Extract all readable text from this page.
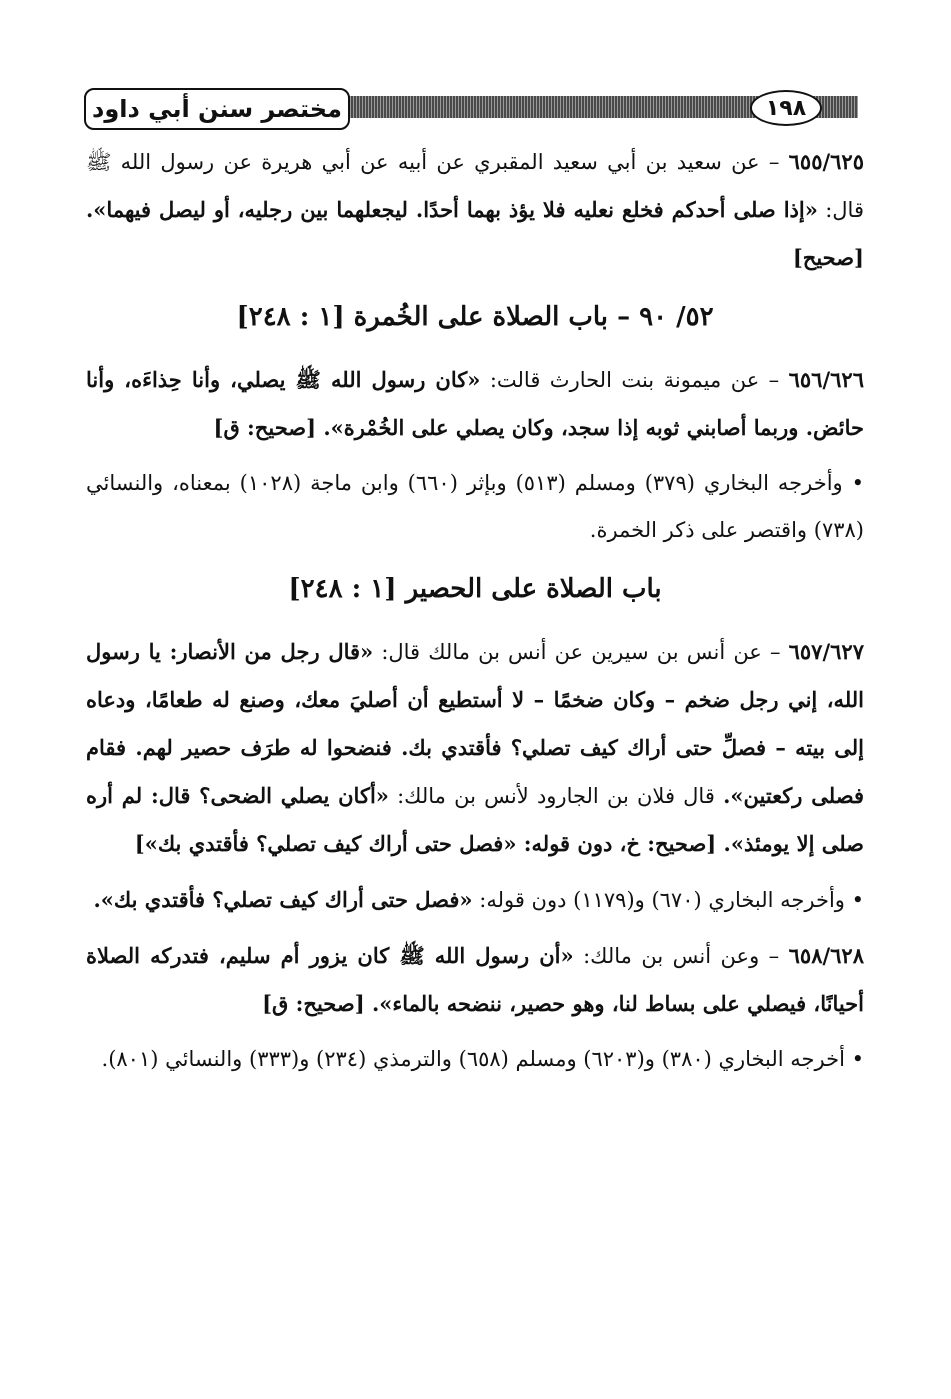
مختصر سنن أبي داود	١٩٨

٦٥٥/٦٢٥ – عن سعيد بن أبي سعيد المقبري عن أبيه عن أبي هريرة عن رسول الله ﷺ قال: «إذا صلى أحدكم فخلع نعليه فلا يؤذ بهما أحدًا. ليجعلهما بين رجليه، أو ليصل فيهما». [صحيح]

٥٢/ ٩٠ – باب الصلاة على الخُمرة [١ : ٢٤٨]

٦٥٦/٦٢٦ – عن ميمونة بنت الحارث قالت: «كان رسول الله ﷺ يصلي، وأنا حِذاءَه، وأنا حائض. وربما أصابني ثوبه إذا سجد، وكان يصلي على الخُمْرة». [صحيح: ق]

• وأخرجه البخاري (٣٧٩) ومسلم (٥١٣) وبإثر (٦٦٠) وابن ماجة (١٠٢٨) بمعناه، والنسائي (٧٣٨) واقتصر على ذكر الخمرة.

باب الصلاة على الحصير [١ : ٢٤٨]

٦٥٧/٦٢٧ – عن أنس بن سيرين عن أنس بن مالك قال: «قال رجل من الأنصار: يا رسول الله، إني رجل ضخم – وكان ضخمًا – لا أستطيع أن أصليَ معك، وصنع له طعامًا، ودعاه إلى بيته – فصلِّ حتى أراك كيف تصلي؟ فأقتدي بك. فنضحوا له طرَف حصير لهم. فقام فصلى ركعتين». قال فلان بن الجارود لأنس بن مالك: «أكان يصلي الضحى؟ قال: لم أره صلى إلا يومئذ». [صحيح: خ، دون قوله: «فصل حتى أراك كيف تصلي؟ فأقتدي بك»]

• وأخرجه البخاري (٦٧٠) و(١١٧٩) دون قوله: «فصل حتى أراك كيف تصلي؟ فأقتدي بك».

٦٥٨/٦٢٨ – وعن أنس بن مالك: «أن رسول الله ﷺ كان يزور أم سليم، فتدركه الصلاة أحيانًا، فيصلي على بساط لنا، وهو حصير، ننضحه بالماء». [صحيح: ق]

• أخرجه البخاري (٣٨٠) و(٦٢٠٣) ومسلم (٦٥٨) والترمذي (٢٣٤) و(٣٣٣) والنسائي (٨٠١).
